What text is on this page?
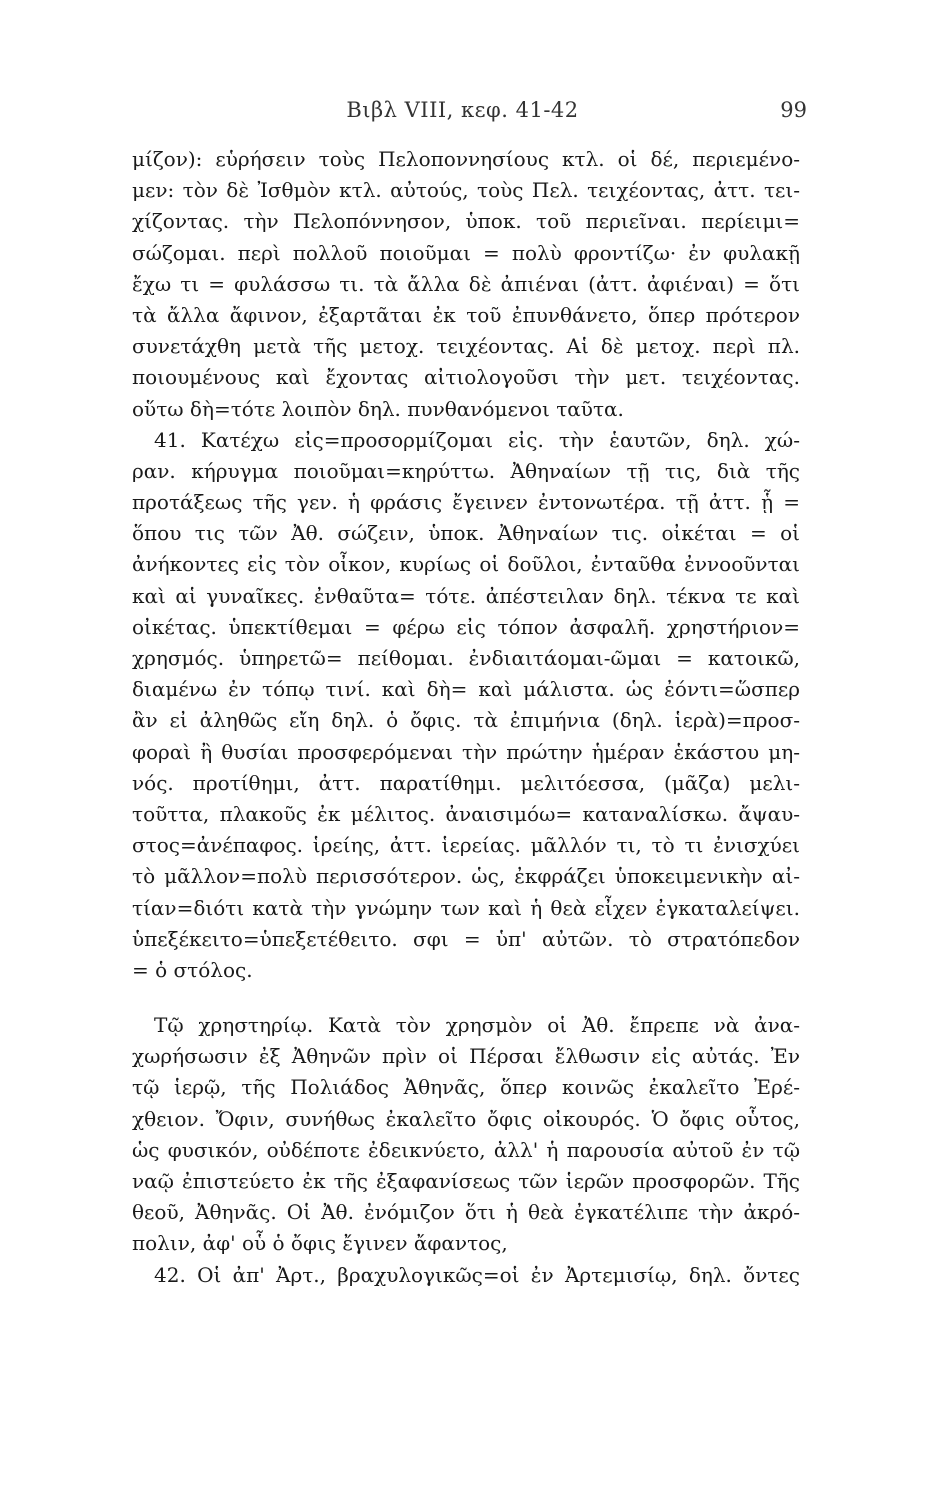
Βιβλ VIII, κεφ. 41-42	99
μίζον): εὑρήσειν τοὺς Πελοποννησίους κτλ. οἱ δέ, περιεμένο-
μεν: τὸν δὲ Ἰσθμὸν κτλ. αὐτούς, τοὺς Πελ. τειχέοντας, ἀττ. τει-
χίζοντας. τὴν Πελοπόννησον, ὑποκ. τοῦ περιεῖναι. περίειμι=
σώζομαι. περὶ πολλοῦ ποιοῦμαι = πολὺ φροντίζω· ἐν φυλακῇ
ἔχω τι = φυλάσσω τι. τὰ ἄλλα δὲ ἀπιέναι (ἀττ. ἀφιέναι) = ὅτι
τὰ ἄλλα ἄφινον, ἐξαρτᾶται ἐκ τοῦ ἐπυνθάνετο, ὅπερ πρότερον
συνετάχθη μετὰ τῆς μετοχ. τειχέοντας. Αἱ δὲ μετοχ. περὶ πλ.
ποιουμένους καὶ ἔχοντας αἰτιολογοῦσι τὴν μετ. τειχέοντας.
οὕτω δὴ=τότε λοιπὸν δηλ. πυνθανόμενοι ταῦτα.
41. Κατέχω εἰς=προσορμίζομαι εἰς. τὴν ἑαυτῶν, δηλ. χώ-
ραν. κήρυγμα ποιοῦμαι=κηρύττω. Ἀθηναίων τῇ τις, διὰ τῆς
προτάξεως τῆς γεν. ἡ φράσις ἔγεινεν ἐντονωτέρα. τῇ ἀττ. ᾗ =
ὅπου τις τῶν Ἀθ. σώζειν, ὑποκ. Ἀθηναίων τις. οἰκέται = οἱ
ἀνήκοντες εἰς τὸν οἶκον, κυρίως οἱ δοῦλοι, ἐνταῦθα ἐννοοῦνται
καὶ αἱ γυναῖκες. ἐνθαῦτα= τότε. ἀπέστειλαν δηλ. τέκνα τε καὶ
οἰκέτας. ὑπεκτίθεμαι = φέρω εἰς τόπον ἀσφαλῆ. χρηστήριον=
χρησμός. ὑπηρετῶ= πείθομαι. ἐνδιαιτάομαι-ῶμαι = κατοικῶ,
διαμένω ἐν τόπῳ τινί. καὶ δὴ= καὶ μάλιστα. ὡς ἐόντι=ὥσπερ
ἂν εἰ ἀληθῶς εἴη δηλ. ὁ ὄφις. τὰ ἐπιμήνια (δηλ. ἱερὰ)=προσ-
φοραὶ ἢ θυσίαι προσφερόμεναι τὴν πρώτην ἡμέραν ἑκάστου μη-
νός. προτίθημι, ἀττ. παρατίθημι. μελιτόεσσα, (μᾶζα) μελι-
τοῦττα, πλακοῦς ἐκ μέλιτος. ἀναισιμόω= καταναλίσκω. ἄψαυ-
στος=ἀνέπαφος. ἱρείης, ἀττ. ἱερείας. μᾶλλόν τι, τὸ τι ἐνισχύει
τὸ μᾶλλον=πολὺ περισσότερον. ὡς, ἐκφράζει ὑποκειμενικὴν αἰ-
τίαν=διότι κατὰ τὴν γνώμην των καὶ ἡ θεὰ εἶχεν ἐγκαταλείψει.
ὑπεξέκειτο=ὑπεξετέθειτο. σφι = ὑπ' αὐτῶν. τὸ στρατόπεδον
= ὁ στόλος.
Τῷ χρηστηρίῳ. Κατὰ τὸν χρησμὸν οἱ Ἀθ. ἔπρεπε νὰ ἀνα-
χωρήσωσιν ἐξ Ἀθηνῶν πρὶν οἱ Πέρσαι ἔλθωσιν εἰς αὐτάς. Ἐν
τῷ ἱερῷ, τῆς Πολιάδος Ἀθηνᾶς, ὅπερ κοινῶς ἐκαλεῖτο Ἐρέ-
χθειον. Ὄφιν, συνήθως ἐκαλεῖτο ὄφις οἰκουρός. Ὁ ὄφις οὗτος,
ὡς φυσικόν, οὐδέποτε ἐδεικνύετο, ἀλλ' ἡ παρουσία αὐτοῦ ἐν τῷ
ναῷ ἐπιστεύετο ἐκ τῆς ἐξαφανίσεως τῶν ἱερῶν προσφορῶν. Τῆς
θεοῦ, Ἀθηνᾶς. Οἱ Ἀθ. ἐνόμιζον ὅτι ἡ θεὰ ἐγκατέλιπε τὴν ἀκρό-
πολιν, ἀφ' οὗ ὁ ὄφις ἔγινεν ἄφαντος,
42. Οἱ ἀπ' Ἀρτ., βραχυλογικῶς=οἱ ἐν Ἀρτεμισίῳ, δηλ. ὄντες
